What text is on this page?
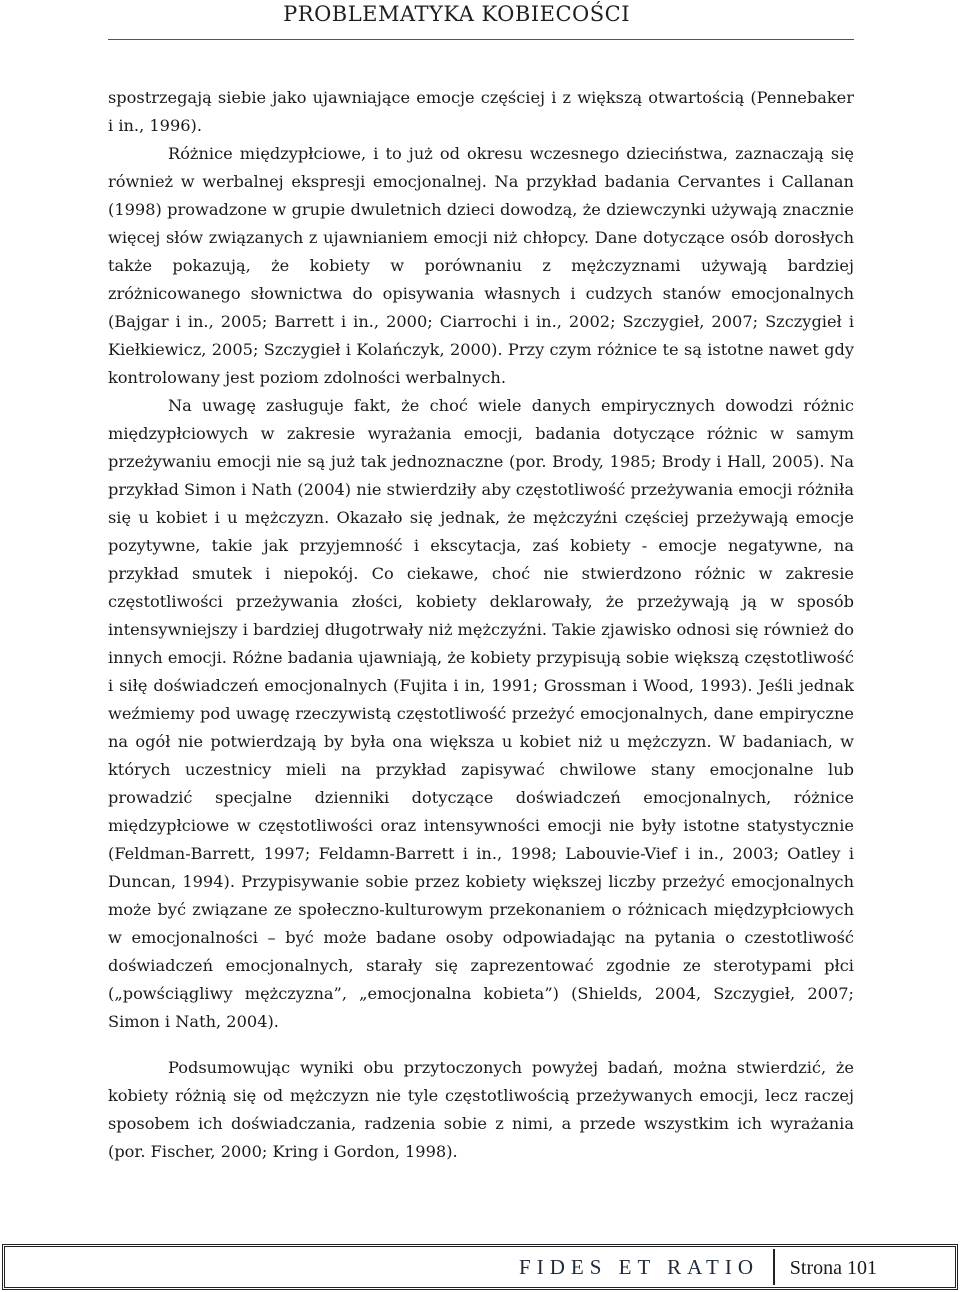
PROBLEMATYKA KOBIECOŚCI

spostrzegają siebie jako ujawniające emocje częściej i z większą otwartością (Pennebaker i in., 1996).

Różnice międzypłciowe, i to już od okresu wczesnego dzieciństwa, zaznaczają się również w werbalnej ekspresji emocjonalnej. Na przykład badania Cervantes i Callanan (1998) prowadzone w grupie dwuletnich dzieci dowodzą, że dziewczynki używają znacznie więcej słów związanych z ujawnianiem emocji niż chłopcy. Dane dotyczące osób dorosłych także pokazują, że kobiety w porównaniu z mężczyznami używają bardziej zróżnicowanego słownictwa do opisywania własnych i cudzych stanów emocjonalnych (Bajgar i in., 2005; Barrett i in., 2000; Ciarrochi i in., 2002; Szczygieł, 2007; Szczygieł i Kiełkiewicz, 2005; Szczygieł i Kolańczyk, 2000). Przy czym różnice te są istotne nawet gdy kontrolowany jest poziom zdolności werbalnych.

Na uwagę zasługuje fakt, że choć wiele danych empirycznych dowodzi różnic międzypłciowych w zakresie wyrażania emocji, badania dotyczące różnic w samym przeżywaniu emocji nie są już tak jednoznaczne (por. Brody, 1985; Brody i Hall, 2005). Na przykład Simon i Nath (2004) nie stwierdziły aby częstotliwość przeżywania emocji różniła się u kobiet i u mężczyzn. Okazało się jednak, że mężczyźni częściej przeżywają emocje pozytywne, takie jak przyjemność i ekscytacja, zaś kobiety - emocje negatywne, na przykład smutek i niepokój. Co ciekawe, choć nie stwierdzono różnic w zakresie częstotliwości przeżywania złości, kobiety deklarowały, że przeżywają ją w sposób intensywniejszy i bardziej długotrwały niż mężczyźni. Takie zjawisko odnosi się również do innych emocji. Różne badania ujawniają, że kobiety przypisują sobie większą częstotliwość i siłę doświadczeń emocjonalnych (Fujita i in, 1991; Grossman i Wood, 1993). Jeśli jednak weźmiemy pod uwagę rzeczywistą częstotliwość przeżyć emocjonalnych, dane empiryczne na ogół nie potwierdzają by była ona większa u kobiet niż u mężczyzn. W badaniach, w których uczestnicy mieli na przykład zapisywać chwilowe stany emocjonalne lub prowadzić specjalne dzienniki dotyczące doświadczeń emocjonalnych, różnice międzypłciowe w częstotliwości oraz intensywności emocji nie były istotne statystycznie (Feldman-Barrett, 1997; Feldamn-Barrett i in., 1998; Labouvie-Vief i in., 2003; Oatley i Duncan, 1994). Przypisywanie sobie przez kobiety większej liczby przeżyć emocjonalnych może być związane ze społeczno-kulturowym przekonaniem o różnicach międzypłciowych w emocjonalności – być może badane osoby odpowiadając na pytania o czestotliwość doświadczeń emocjonalnych, starały się zaprezentować zgodnie ze sterotypami płci („powściągliwy mężczyzna”, „emocjonalna kobieta”) (Shields, 2004, Szczygieł, 2007; Simon i Nath, 2004).

Podsumowując wyniki obu przytoczonych powyżej badań, można stwierdzić, że kobiety różnią się od mężczyzn nie tyle częstotliwością przeżywanych emocji, lecz raczej sposobem ich doświadczania, radzenia sobie z nimi, a przede wszystkim ich wyrażania (por. Fischer, 2000; Kring i Gordon, 1998).

FIDES ET RATIO Strona 101
